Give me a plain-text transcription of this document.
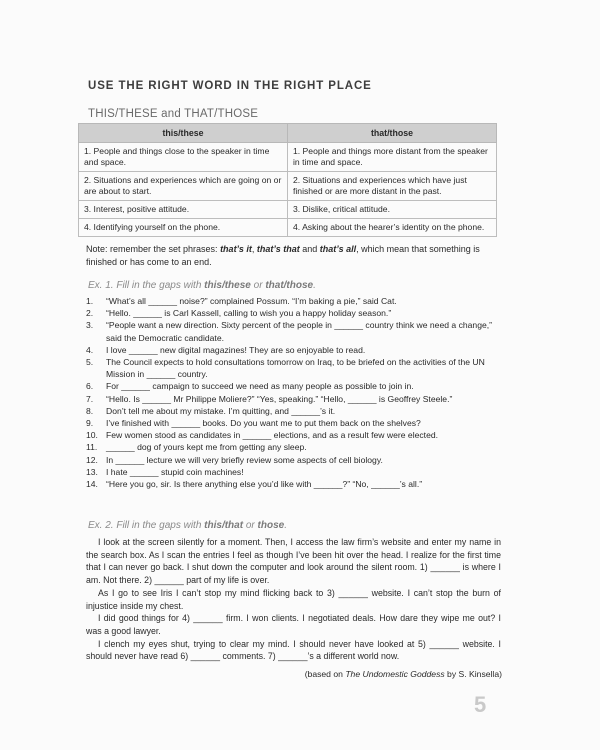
USE THE RIGHT WORD IN THE RIGHT PLACE
THIS/THESE and THAT/THOSE
this/these	that/those
1. People and things close to the speaker in time and space.	1. People and things more distant from the speaker in time and space.
2. Situations and experiences which are going on or are about to start.	2. Situations and experiences which have just finished or are more distant in the past.
3. Interest, positive attitude.	3. Dislike, critical attitude.
4. Identifying yourself on the phone.	4. Asking about the hearer’s identity on the phone.
Note: remember the set phrases: that’s it, that’s that and that’s all, which mean that something is finished or has come to an end.
Ex. 1. Fill in the gaps with this/these or that/those.
1. “What’s all ______ noise?” complained Possum. “I’m baking a pie,” said Cat.
2. “Hello. ______ is Carl Kassell, calling to wish you a happy holiday season.”
3. “People want a new direction. Sixty percent of the people in ______ country think we need a change,” said the Democratic candidate.
4. I love ______ new digital magazines! They are so enjoyable to read.
5. The Council expects to hold consultations tomorrow on Iraq, to be briefed on the activities of the UN Mission in ______ country.
6. For ______ campaign to succeed we need as many people as possible to join in.
7. “Hello. Is ______ Mr Philippe Moliere?” “Yes, speaking.” “Hello, ______ is Geoffrey Steele.”
8. Don’t tell me about my mistake. I’m quitting, and ______’s it.
9. I’ve finished with ______ books. Do you want me to put them back on the shelves?
10. Few women stood as candidates in ______ elections, and as a result few were elected.
11. ______ dog of yours kept me from getting any sleep.
12. In ______ lecture we will very briefly review some aspects of cell biology.
13. I hate ______ stupid coin machines!
14. “Here you go, sir. Is there anything else you’d like with ______?” “No, ______’s all.”
Ex. 2. Fill in the gaps with this/that or those.

I look at the screen silently for a moment. Then, I access the law firm’s website and enter my name in the search box. As I scan the entries I feel as though I’ve been hit over the head. I realize for the first time that I can never go back. I shut down the computer and look around the silent room. 1) ______ is where I am. Not there. 2) ______ part of my life is over.

As I go to see Iris I can’t stop my mind flicking back to 3) ______ website. I can’t stop the burn of injustice inside my chest.

I did good things for 4) ______ firm. I won clients. I negotiated deals. How dare they wipe me out? I was a good lawyer.

I clench my eyes shut, trying to clear my mind. I should never have looked at 5) ______ website. I should never have read 6) ______ comments. 7) ______’s a different world now.

(based on The Undomestic Goddess by S. Kinsella)
5
